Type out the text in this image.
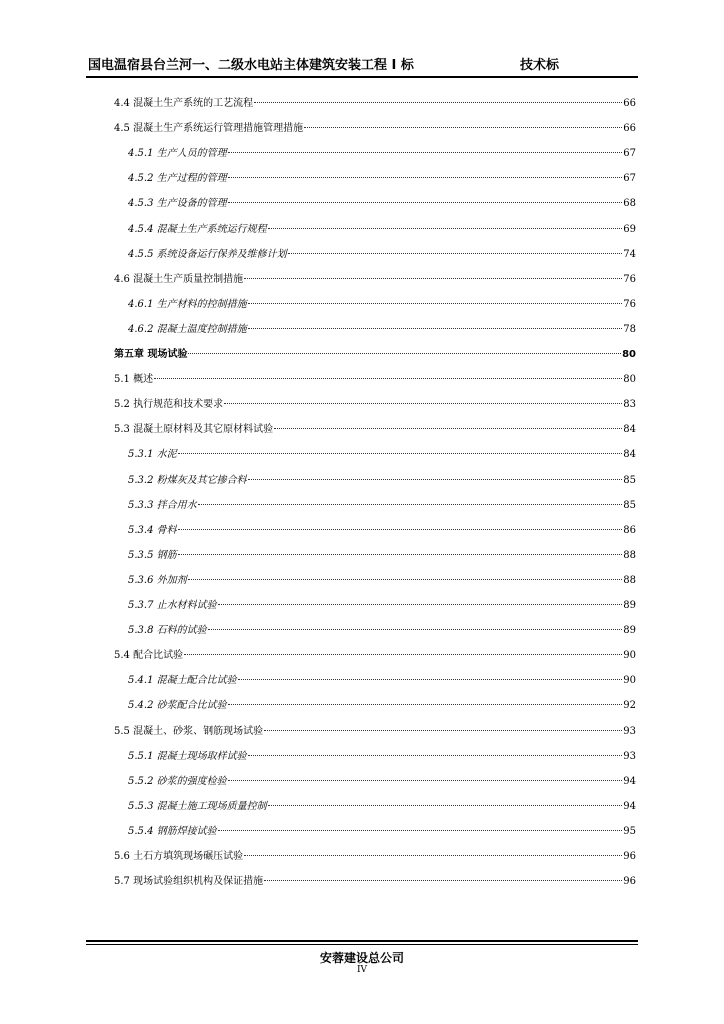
国电温宿县台兰河一、二级水电站主体建筑安装工程 I 标	技术标
4.4 混凝土生产系统的工艺流程	66
4.5 混凝土生产系统运行管理措施管理措施	66
4.5.1 生产人员的管理	67
4.5.2 生产过程的管理	67
4.5.3 生产设备的管理	68
4.5.4 混凝土生产系统运行规程	69
4.5.5 系统设备运行保养及维修计划	74
4.6 混凝土生产质量控制措施	76
4.6.1 生产材料的控制措施	76
4.6.2 混凝土温度控制措施	78
第五章 现场试验	80
5.1 概述	80
5.2 执行规范和技术要求	83
5.3 混凝土原材料及其它原材料试验	84
5.3.1 水泥	84
5.3.2 粉煤灰及其它掺合料	85
5.3.3 拌合用水	85
5.3.4 骨料	86
5.3.5 钢筋	88
5.3.6 外加剂	88
5.3.7 止水材料试验	89
5.3.8 石料的试验	89
5.4 配合比试验	90
5.4.1 混凝土配合比试验	90
5.4.2 砂浆配合比试验	92
5.5 混凝土、砂浆、钢筋现场试验	93
5.5.1 混凝土现场取样试验	93
5.5.2 砂浆的强度检验	94
5.5.3 混凝土施工现场质量控制	94
5.5.4 钢筋焊接试验	95
5.6 土石方填筑现场碾压试验	96
5.7 现场试验组织机构及保证措施	96
安蓉建设总公司
IV
